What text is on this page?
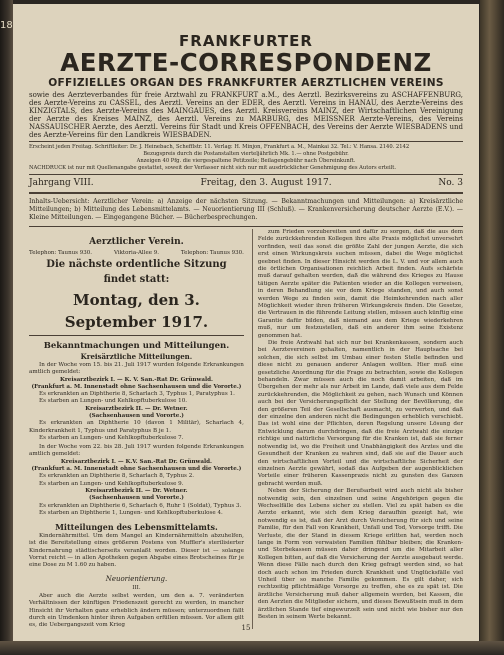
18
FRANKFURTER
AERZTE-CORRESPONDENZ
OFFIZIELLES ORGAN DES FRANKFURTER AERZTLICHEN VEREINS
sowie des Aerzteverbandes für freie Arztwahl zu FRANKFURT a.M., des Aerztl. Bezirksvereins zu ASCHAFFENBURG, des Aerzte-Vereins zu CASSEL, des Aerztl. Vereins an der EDER, des Aerztl. Vereins in HANAU, des Aerzte-Vereins des KINZIGTALS, des Aerzte-Vereins des MAINGAUES, des Aerztl. Kreisvereins MAINZ, der Wirtschaftlichen Vereinigung der Aerzte des Kreises MAINZ, des Aerztl. Vereins zu MARBURG, des MEISSNER Aerzte-Vereins, des Vereins NASSAUISCHER Aerzte, des Aerztl. Vereins für Stadt und Kreis OFFENBACH, des Vereins der Aerzte WIESBADENS und des Aerzte-Vereins für den Landkreis WIESBADEN.
Erscheint jeden Freitag. Schriftleiter: Dr. J. Heinebach, Schefflstr. 11. Verlag: H. Minjon, Frankfurt a. M., Mainkai 32. Tel.: V. Hansa. 2140. 2142
Bezugspreis durch die Postanstalten vierteljährlich Mk. 1.— ohne Postgebühr.
Anzeigen 40 Pfg. die viergespaltene Petitzeile; Beilagengebühr nach Übereinkunft.
NACHDRUCK ist nur mit Quellenangabe gestattet, soweit der Verfasser nicht sich nur mit ausdrücklicher Genehmigung des Autors erteilt.
Jahrgang VIII.	Freitag, den 3. August 1917.	No. 3
Inhalts-Uebersicht: Aerztlicher Verein: a) Anzeige der nächsten Sitzung. — Bekanntmachungen und Mitteilungen: a) Kreisärztliche Mitteilungen; b) Mitteilung des Lebensmittelamts. — Neuorientierung III (Schluß). — Krankenversicherung deutscher Aerzte (E.V.). — Kleine Mitteilungen. — Eingegangene Bücher. — Bücherbesprechungen.
Aerztlicher Verein.
Telephon: Taunus 930.	Viktoria-Allee 9.	Telephon: Taunus 930.
Die nächste ordentliche Sitzung
findet statt:
Montag, den 3. September 1917.
Bekanntmachungen und Mitteilungen.
Kreisärztliche Mitteilungen.
In der Woche vom 15. bis 21. Juli 1917 wurden folgende Erkrankungen amtlich gemeldet:
Kreisarztbezirk I. — K. V. San.-Rat Dr. Grünwald.
(Frankfurt a. M. Innenstadt ohne Sachsenhausen und die Vororte.)
Es erkrankten an Diphtherie 8, Scharlach 3, Typhus 1, Paratyphus 1.
Es starben an Lungen- und Kehlkopftuberkulose 10.
Kreisarztbezirk II. — Dr. Wetner.
(Sachsenhausen und Vororte.)
Es erkrankten an Diphtherie 10 (davon 1 Militär), Scharlach 4, Kinderkrankheit 1, Typhus und Paratyphus B je 1.
Es starben an Lungen- und Kehlkopftuberkulose 7.
In der Woche vom 22. bis 28. Juli 1917 wurden folgende Erkrankungen amtlich gemeldet:
Kreisarztbezirk I. — K.V. San.-Rat Dr. Grünwald.
(Frankfurt a. M. Innenstadt ohne Sachsenhausen und die Vororte.)
Es erkrankten an Diphtherie 8, Scharlach 8, Typhus 2.
Es starben an Lungen- und Kehlkopftuberkulose 9.
Kreisarztbezirk II. — Dr. Wetner.
(Sachsenhausen und Vororte.)
Es erkrankten an Diphtherie 6, Scharlach 6, Ruhr 1 (Soldat), Typhus 3.
Es starben an Diphtherie 1, Lungen- und Kehlkopftuberkulose 4.
Mitteilungen des Lebensmittelamts.
Kindernährmittel. Um dem Mangel an Kindernährmitteln abzuhelfen, ist die Bereitstellung eines größeren Postens von Muffler's sterilisierter Kindernahrung städtischerseits veranlaßt worden. Dieser ist — solange Vorrat reicht — in allen Apotheken gegen Abgabe eines Brotscheines für je eine Dose zu M 1.60 zu haben.
Neuorientierung.
III.
Aber auch die Aerzte selbst werden, um den a. 7. veränderten Verhältnissen der künftigen Friedenszeit gerecht zu werden, in mancher Hinsicht ihr Verhalten ganz erheblich ändern müssen; unterzuordnen fällt durch ein Umdenken hinter ihren Aufgaben erfüllen müssen. Vor allem gilt es, die Uebergangszeit vom Krieg
zum Frieden vorzubereiten und dafür zu sorgen, daß die aus dem Felde zurückkehrenden Kollegen ihre alte Praxis möglichst unversehrt vorfinden, weil das sonst die größte Zahl der jungen Aerzte, die sich erst einen Wirkungskreis suchen müssen, dabei die Wege möglichst geebnet finden. In dieser Hinsicht werden die L. V. und vor allem auch die örtlichen Organisationen reichlich Arbeit finden. Aufs schärfste muß darauf gehalten werden, daß die während des Krieges zu Hause tätigen Aerzte später die Patienten wieder an die Kollegen verweisen, in deren Behandlung sie vor dem Kriege standen, und auch sonst werden Wege zu finden sein, damit die Heimkehrenden nach aller Möglichkeit wieder ihren früheren Wirkungskreis finden. Die Gesetze, die Vertrauen in die führende Leitung stellen, müssen auch künftig eine Garantie dafür bilden, daß niemand aus dem Kriege wiederkehren muß, nur um festzustellen, daß ein anderer ihm seine Existenz genommen hat.
Die freie Arztwahl hat sich nur bei Krankenkassen, sondern auch bei Aerztevereinen gehalten, namentlich in der Hauptsache bei solchen, die sich selbst im Umbau einer festen Stelle befinden und diese nicht zu genauen anderer Anlagen wollten. Hier muß eine gesetzliche Anordnung für die Frage zu betrachten, sowie die Kollegen behandeln. Zwar müssen auch die noch damit arbeiten, daß im Übergehen der mehr als nur Arbeit im Lande, daß viele aus dem Felde zurückkehrenden, die Möglichkeit zu gehen, nach Wunsch und Können auch bei der Versicherungspflicht der Stellung der Bevölkerung, die den größeren Teil der Gesellschaft ausmacht, zu verwerten, und daß der einzelne den anderen nicht die Bedingungen erheblich verschiebt. Das ist wohl eine der Pflichten, deren Regelung unsere Lösung der Entwicklung darum durchdringen, daß die freie Arztwahl die einzige richtige und natürliche Versorgung für die Kranken ist, daß sie ferner notwendig ist, wo die Freiheit und Unabhängigkeit des Arztes und die Gesundheit der Kranken zu wahren sind, daß sie auf die Dauer auch den wirtschaftlichen Vorteil und die wirtschaftliche Sicherheit der einzelnen Aerzte gewährt, sodaß das Aufgeben der augenblicklichen Vorteile einer früheren Kassenpraxis nicht zu gunsten des Ganzen gebracht werden muß.
Neben der Sicherung der Berufsarbeit wird auch nicht als bisher notwendig sein, den einzelnen und seine Angehörigen gegen die Wechselfälle des Lebens sicher zu stellen. Viel zu spät haben es die Aerzte erkannt, wie sich dem Krieg daraufhin gezeigt hat, wie notwendig es ist, daß der Arzt durch Versicherung für sich und seine Familie, für den Fall von Krankheit, Unfall und Tod, Vorsorge trifft. Die Verluste, die der Stand in diesem Kriege erlitten hat, werden noch lange in Form von verwaisten Familien fühlbar bleiben; die Kranken- und Sterbekassen müssen daher dringend um die Mitarbeit aller Kollegen bitten, auf daß die Versicherung der Aerzte ausgebaut werde. Wenn diese Fälle nach durch den Krieg gefragt werden sind, so hat doch auch schon im Frieden durch Krankheit und Unglücksfälle viel Unheil über so manche Familie gekommen. Es gilt daher, sich rechtzeitig pflichtmäßige Vorsorge zu treffen, ehe es zu spät ist. Die ärztliche Versicherung muß daher allgemein werden, bei Kassen, die den Aerzten die Mitglieder sichern, und dieses Bewußtsein muß in dem ärztlichen Stande tief eingewurzelt sein und nicht wie bisher nur den Besten in seinem Werte bekannt.
15
